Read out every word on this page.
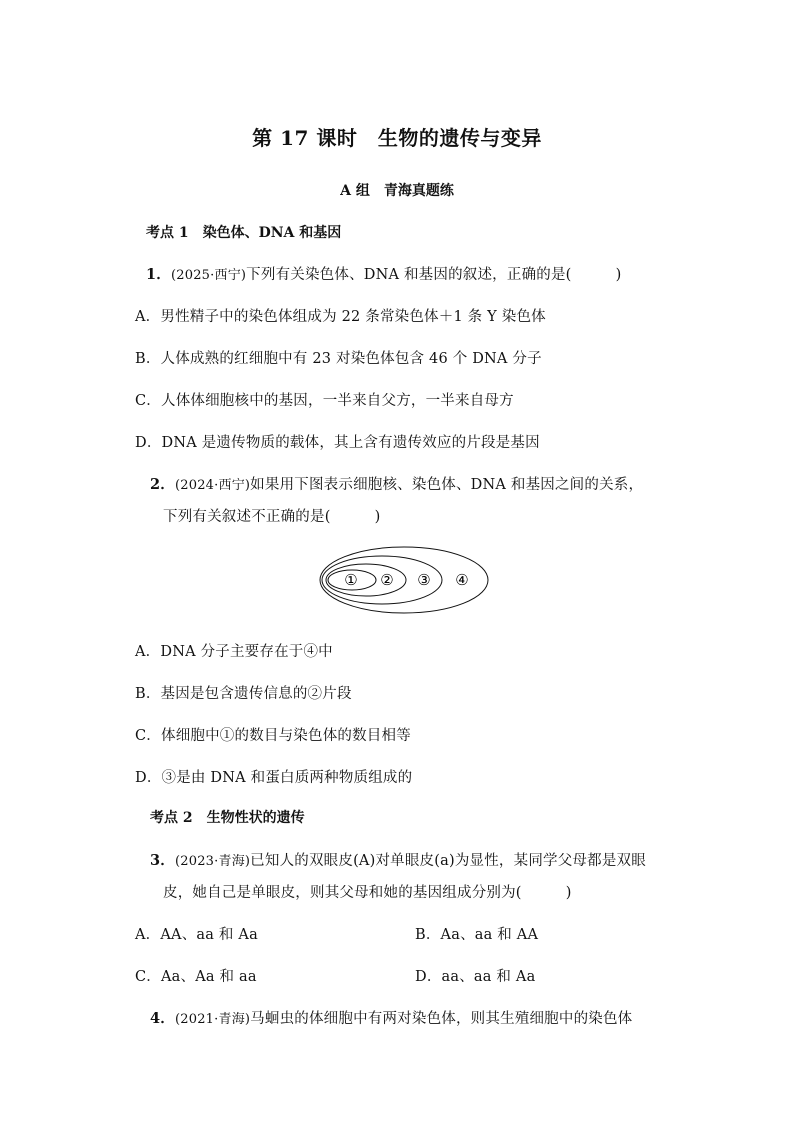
第 17 课时　生物的遗传与变异
A 组　青海真题练
考点 1　染色体、DNA 和基因
1．(2025·西宁)下列有关染色体、DNA 和基因的叙述，正确的是(　　　)
A．男性精子中的染色体组成为 22 条常染色体＋1 条 Y 染色体
B．人体成熟的红细胞中有 23 对染色体包含 46 个 DNA 分子
C．人体体细胞核中的基因，一半来自父方，一半来自母方
D．DNA 是遗传物质的载体，其上含有遗传效应的片段是基因
2．(2024·西宁)如果用下图表示细胞核、染色体、DNA 和基因之间的关系，
下列有关叙述不正确的是(　　　)
① ② ③ ④
A．DNA 分子主要存在于④中
B．基因是包含遗传信息的②片段
C．体细胞中①的数目与染色体的数目相等
D．③是由 DNA 和蛋白质两种物质组成的
考点 2　生物性状的遗传
3．(2023·青海)已知人的双眼皮(A)对单眼皮(a)为显性，某同学父母都是双眼
皮，她自己是单眼皮，则其父母和她的基因组成分别为(　　　)
A．AA、aa 和 Aa	B．Aa、aa 和 AA
C．Aa、Aa 和 aa	D．aa、aa 和 Aa
4．(2021·青海)马蛔虫的体细胞中有两对染色体，则其生殖细胞中的染色体
